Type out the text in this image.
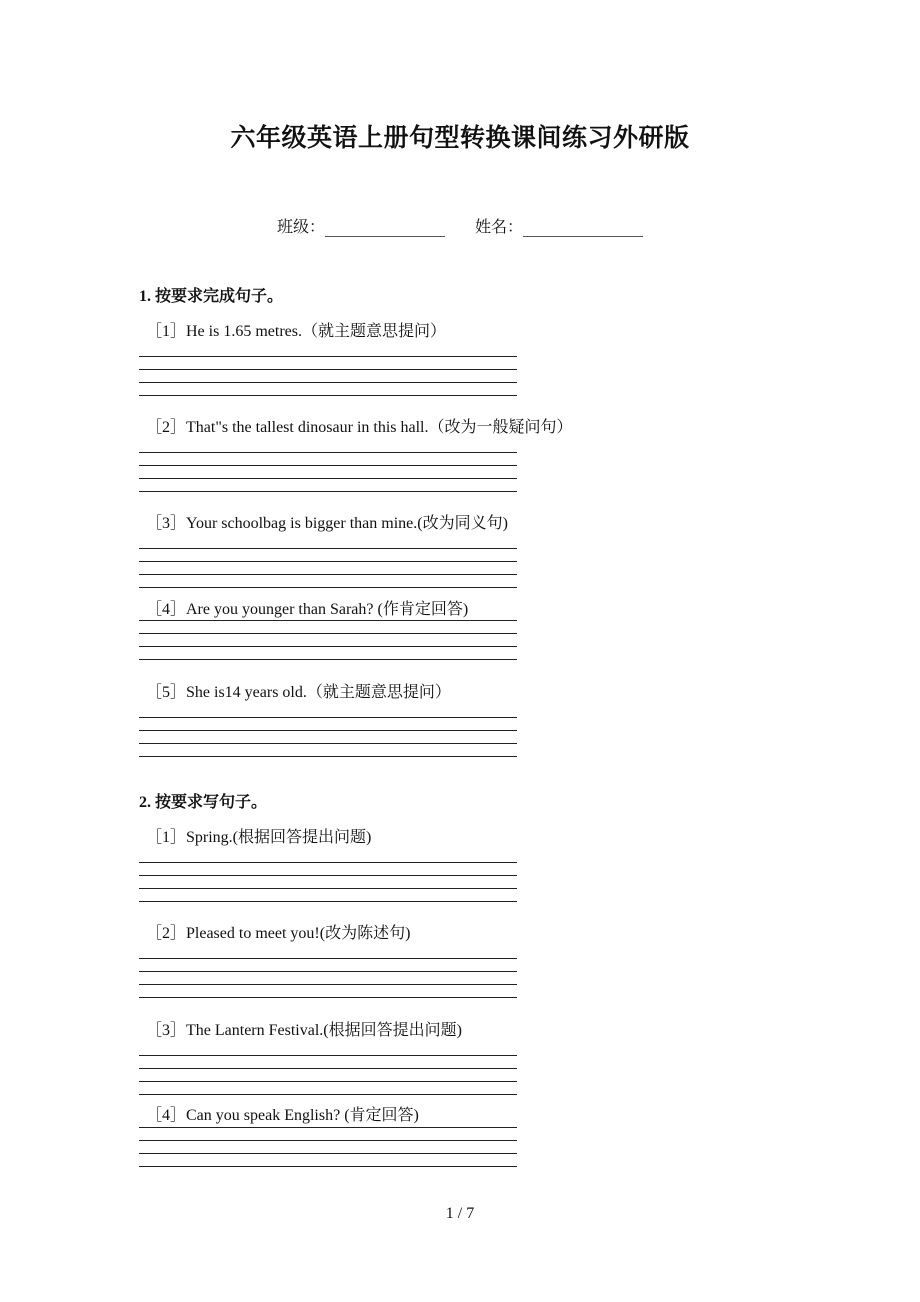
六年级英语上册句型转换课间练习外研版
班级：	姓名：
1. 按要求完成句子。
［1］He is 1.65 metres.（就主题意思提问）
［2］That"s the tallest dinosaur in this hall.（改为一般疑问句）
［3］Your schoolbag is bigger than mine.(改为同义句)
［4］Are you younger than Sarah? (作肯定回答)
［5］She is14 years old.（就主题意思提问）
2. 按要求写句子。
［1］Spring.(根据回答提出问题)
［2］Pleased to meet you!(改为陈述句)
［3］The Lantern Festival.(根据回答提出问题)
［4］Can you speak English? (肯定回答)
1 / 7
